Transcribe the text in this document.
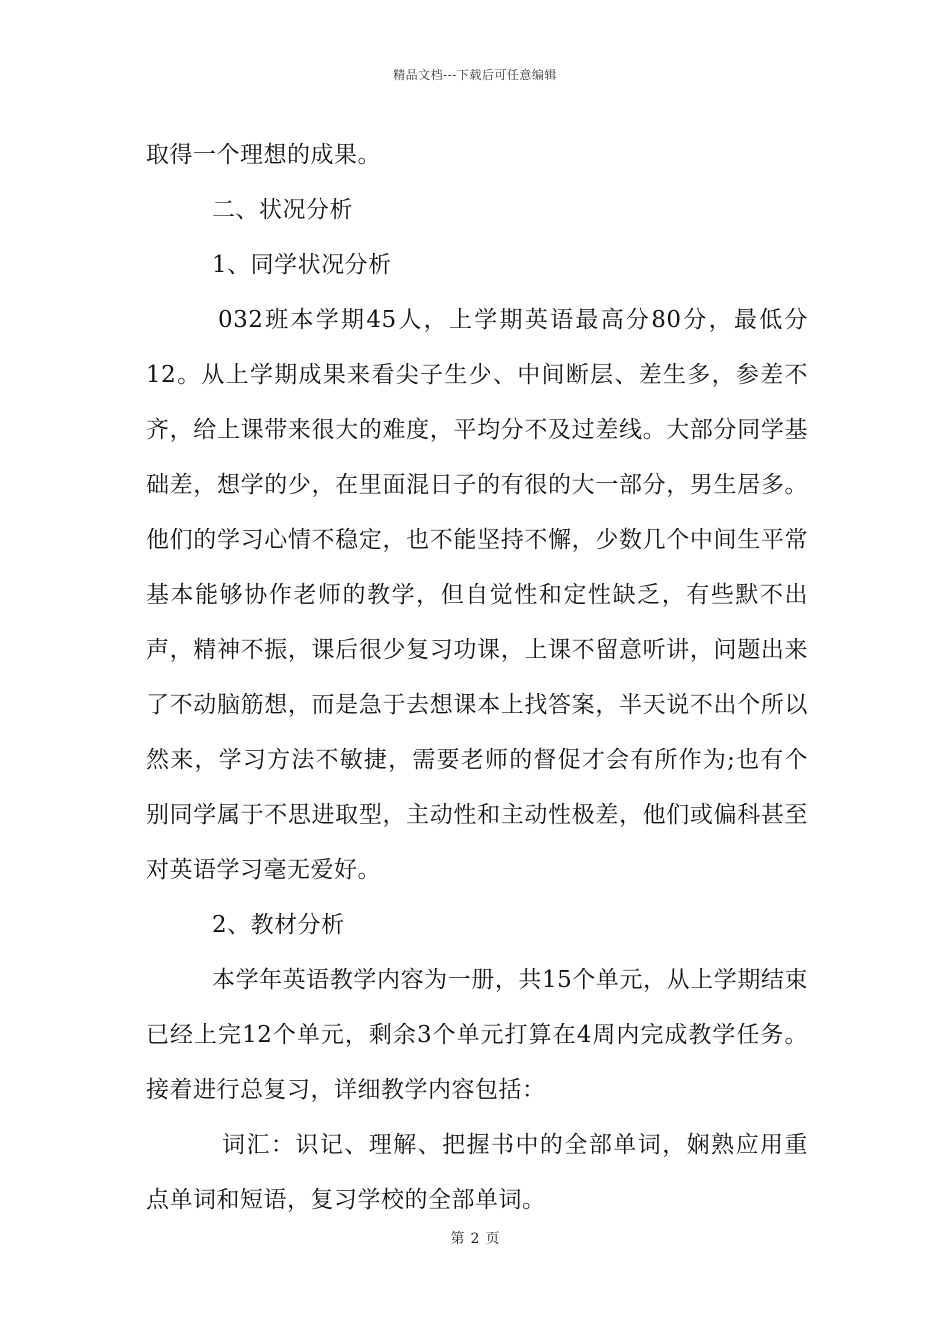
精品文档---下载后可任意编辑

取得一个理想的成果。

二、状况分析

1、同学状况分析

032班本学期45人，上学期英语最高分80分，最低分12。从上学期成果来看尖子生少、中间断层、差生多，参差不齐，给上课带来很大的难度，平均分不及过差线。大部分同学基础差，想学的少，在里面混日子的有很的大一部分，男生居多。他们的学习心情不稳定，也不能坚持不懈，少数几个中间生平常基本能够协作老师的教学，但自觉性和定性缺乏，有些默不出声，精神不振，课后很少复习功课，上课不留意听讲，问题出来了不动脑筋想，而是急于去想课本上找答案，半天说不出个所以然来，学习方法不敏捷，需要老师的督促才会有所作为;也有个别同学属于不思进取型，主动性和主动性极差，他们或偏科甚至对英语学习毫无爱好。

2、教材分析

本学年英语教学内容为一册，共15个单元，从上学期结束已经上完12个单元，剩余3个单元打算在4周内完成教学任务。接着进行总复习，详细教学内容包括：

词汇：识记、理解、把握书中的全部单词，娴熟应用重点单词和短语，复习学校的全部单词。

第 2 页
